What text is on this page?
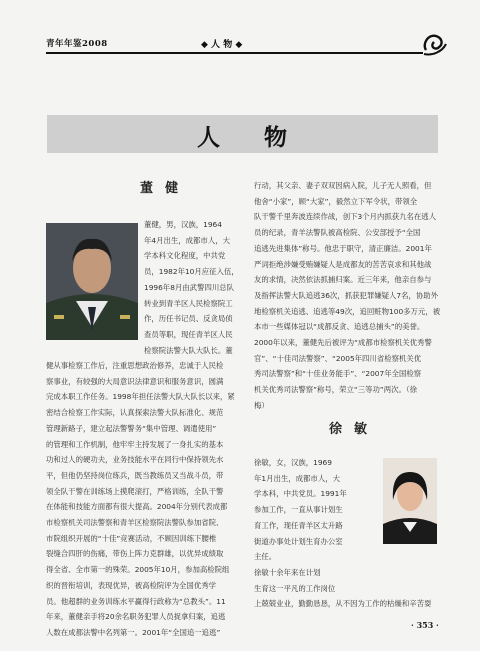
青年年鉴2008	◆ 人 物 ◆
人 物
董健

董健，男，汉族，1964

年4月出生，成都市人，大

学本科文化程度，中共党

员，1982年10月应征入伍，

1996年8月由武警四川总队

转业到青羊区人民检察院工

作，历任书记员、反贪局侦

查员等职，现任青羊区人民

检察院法警大队大队长。董

健从事检察工作后，注重思想政治修养，忠诚于人民检

察事业，有较强的大局意识法律意识和服务意识，圆满

完成本职工作任务。1998年担任法警大队大队长以来，紧

密结合检察工作实际，认真探索法警大队标准化、规范

管理新路子，建立起法警警务“集中管理、调遣使用”

的管理和工作机制，他牢牢主持发展了一身扎实的基本

功和过人的硬功夫，业务技能水平在同行中保持领先水

平，但他仍坚持岗位练兵，既当教练员又当战斗员，带

领全队干警在训练场上摸爬滚打，严格训练，全队干警

在体能和技能方面都有很大提高。2004年分别代表成都

市检察机关司法警察和青羊区检察院法警队参加省院、

市院组织开展的“十佳”竞赛活动，不顾因训练下腰椎

裂缝合四肝的伤痛，带伤上阵力克群雄，以优异成绩取

得全省、全市第一的殊荣。2005年10月，参加高检院组

织的晋衔培训，表现优异，被高检院评为全国优秀学

员。他超群的业务训练水平赢得行政称为“总教头”。11

年来，董健亲手将20余名职务犯罪人员捉拿归案，追逃

人数在成都法警中名列第一。2001年“全国追一追逃”

行动，其父亲、妻子双双因病入院，儿子无人照看，但

他舍“小家”，顾“大家”，毅然立下军令状，带领全

队干警千里奔波连续作战，创下3个月内抓获九名在逃人

员的纪录，青羊法警队被高检院、公安部授予“全国

追逃先进集体”称号。他忠于职守，清正廉洁。2001年

严词拒绝涉嫌受贿嫌疑人是成都友的苦苦哀求和其他战

友的求情，决然依法抓捕归案。近三年来，他亲自参与

及指挥法警大队追逃36次，抓获犯罪嫌疑人7名，协助外

地检察机关追逃、追逃等49次，追回赃物100多万元，被

本市一些媒体冠以“成都反贪、追逃总捕头”的美誉。

2000年以来，董健先后被评为“成都市检察机关优秀警

官”、“十佳司法警察”、“2005年四川省检察机关优

秀司法警察”和“十佳业务能手”、“2007年全国检察

机关优秀司法警察”称号，荣立“三等功”两次。（徐

梅）

徐敏

徐敏，女，汉族，1969

年1月出生，成都市人，大

学本科，中共党员。1991年

参加工作，一直从事计划生

育工作，现任青羊区太升路

街道办事处计划生育办公室

主任。

徐敏十余年来在计划

生育这一平凡的工作岗位

上兢兢业业，勤勤恳恳，从不因为工作的枯燥和辛苦耍

· 353 ·
